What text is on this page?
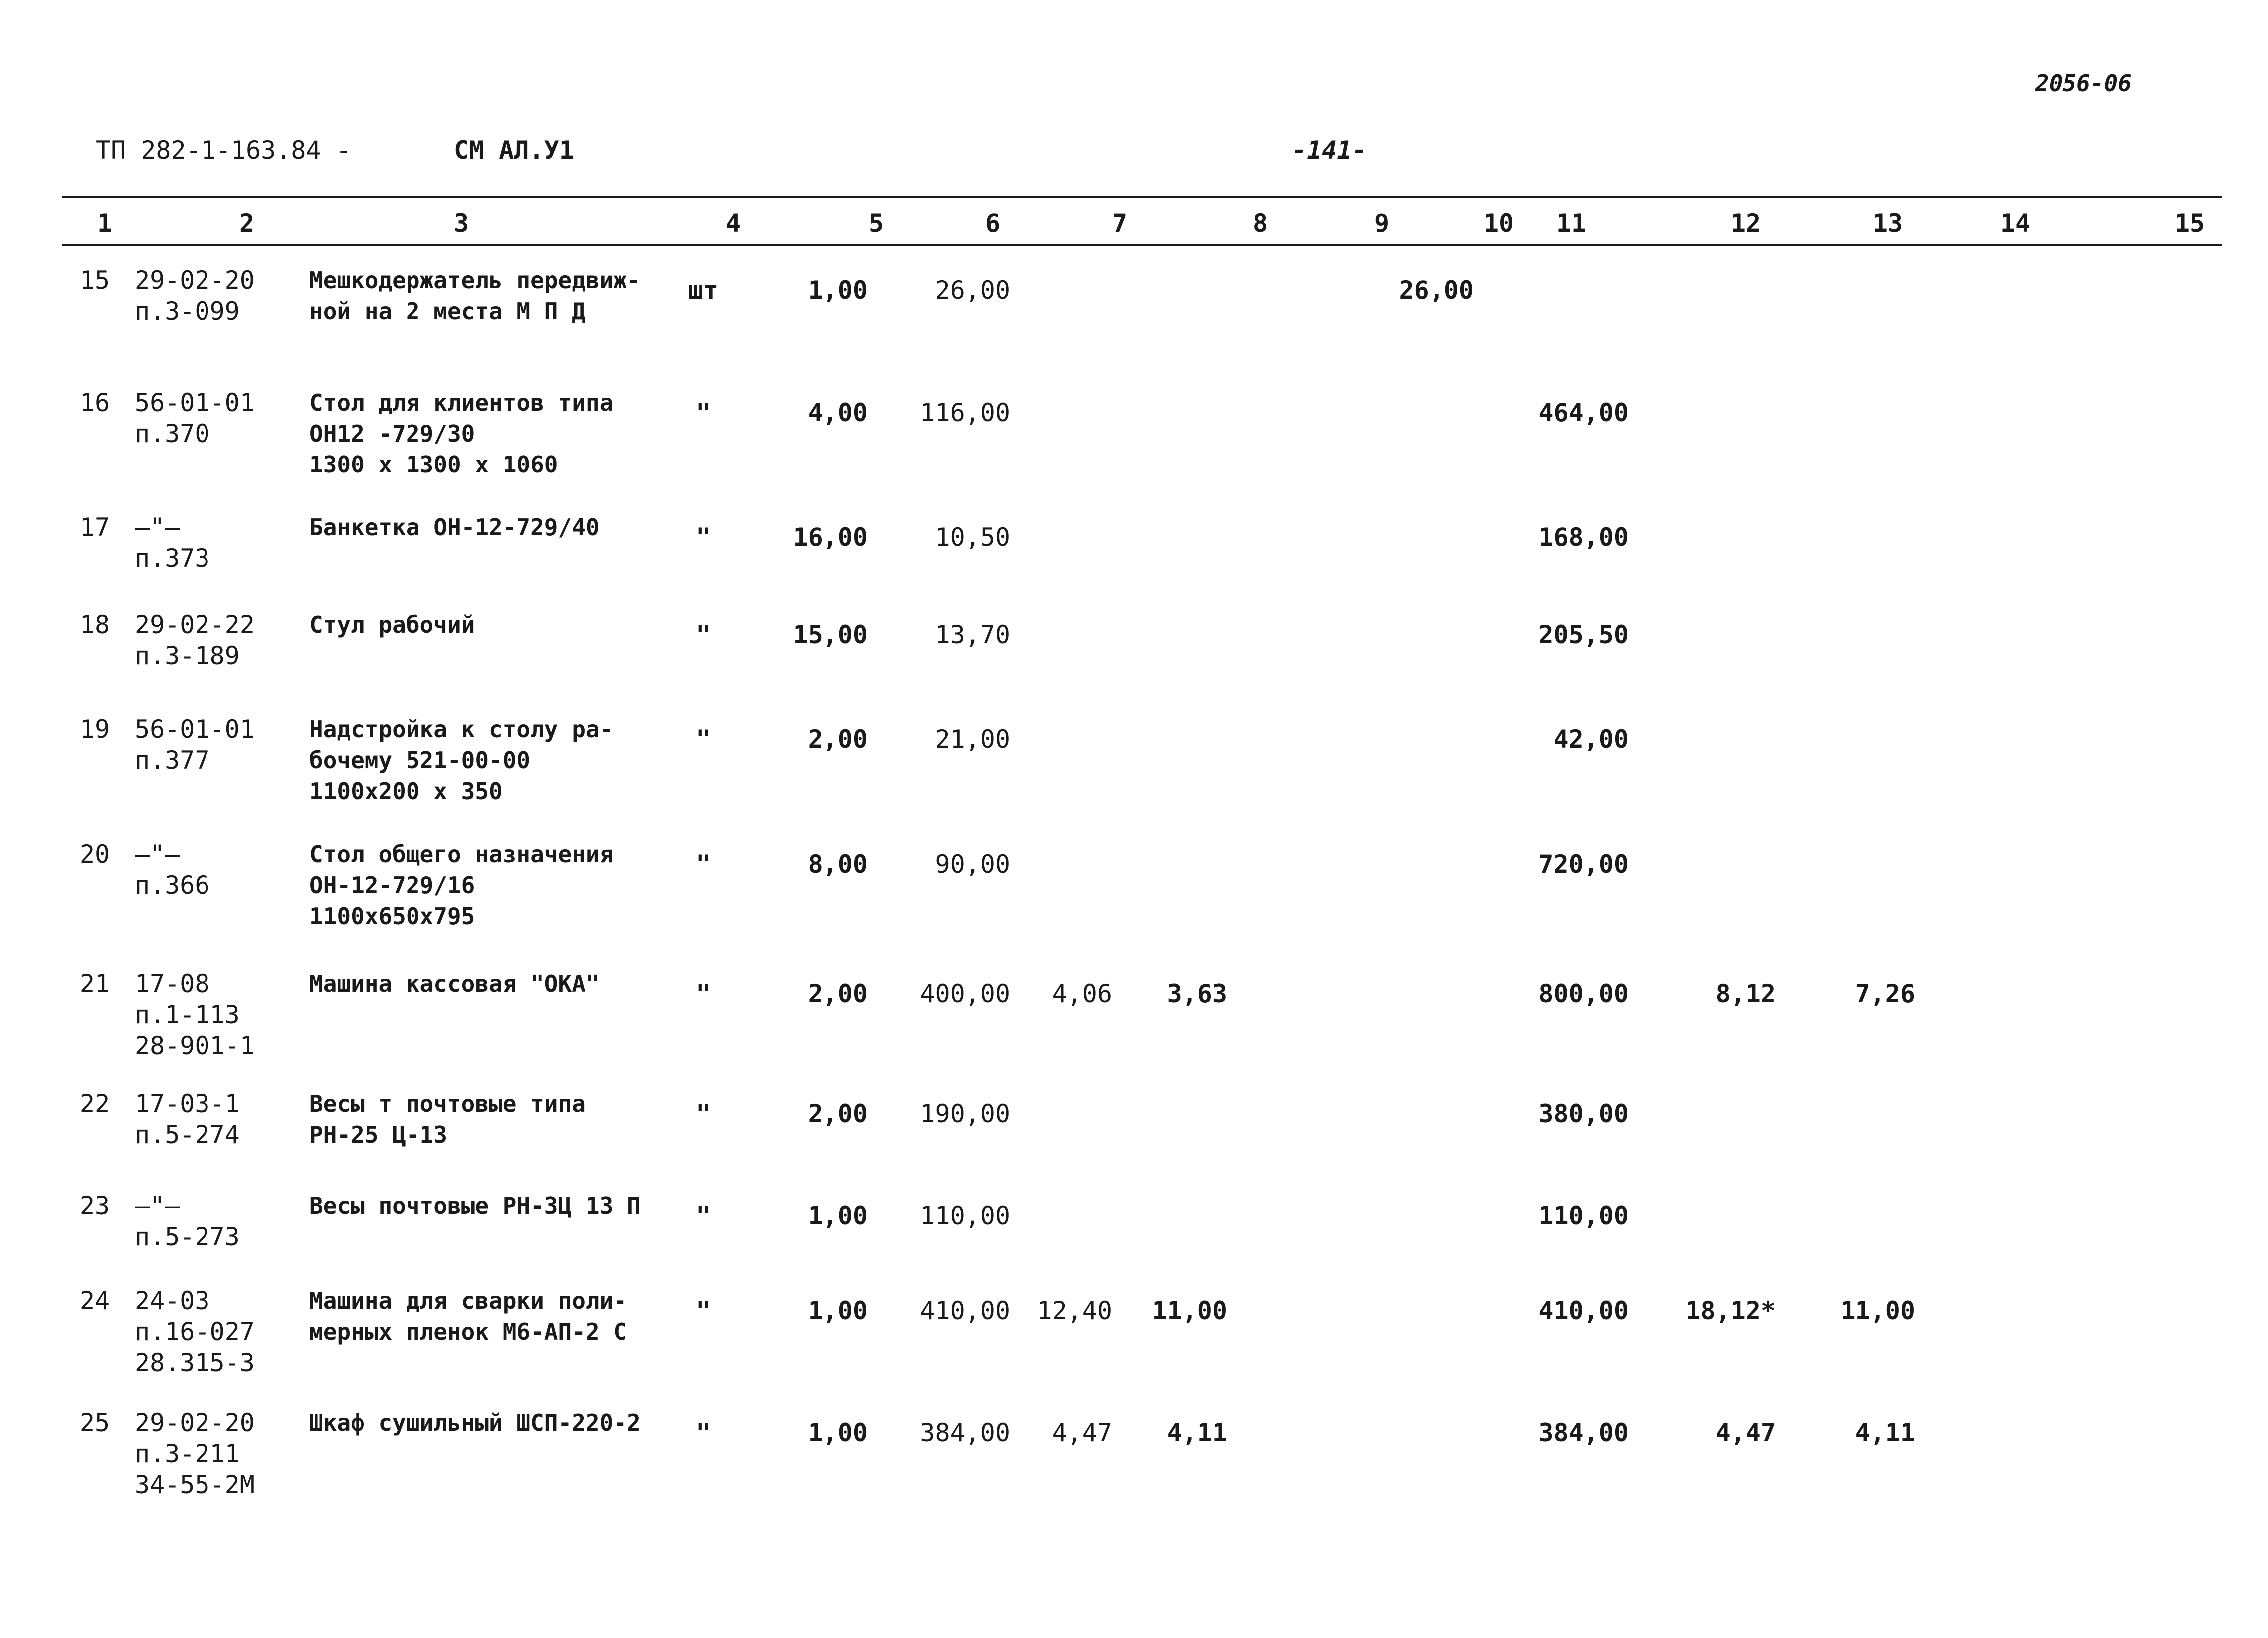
2056-06
ТП 282-1-163.84 -	СМ АЛ.У1	-141-
1	2	3	4	5	6	7	8	9	10 11	12	13	14	15
15 29-02-20
п.3-099
Мешкодержатель передвиж-
ной на 2 места М П Д
шт	1,00	26,00	26,00
16 56-01-01
п.370
Стол для клиентов типа
ОН12 -729/30
1300 х 1300 х 1060
"	4,00 116,00	464,00
17 —"—
п.373
Банкетка ОН-12-729/40	"	16,00	10,50	168,00
18 29-02-22
п.3-189
Стул рабочий	"	15,00	13,70	205,50
19 56-01-01
п.377
Надстройка к столу ра-
бочему 521-00-00
1100х200 х 350
"	2,00	21,00	42,00
20 —"—
п.366
Стол общего назначения
ОН-12-729/16
1100х650х795
"	8,00	90,00	720,00
21 17-08
п.1-113
28-901-1
Машина кассовая "ОКА"	"	2,00 400,00 4,06 3,63	800,00	8,12	7,26
22 17-03-1
п.5-274
Весы т почтовые типа
РН-25 Ц-13
"	2,00 190,00	380,00
23 —"—
п.5-273
Весы почтовые РН-3Ц 13 П "	1,00 110,00	110,00
24 24-03
п.16-027
28.315-3
Машина для сварки поли-
мерных пленок М6-АП-2 С
"	1,00 410,00 12,40 11,00	410,00 18,12*	11,00
25 29-02-20
п.3-211
34-55-2М
Шкаф сушильный ШСП-220-2 "	1,00 384,00 4,47 4,11	384,00	4,47	4,11
